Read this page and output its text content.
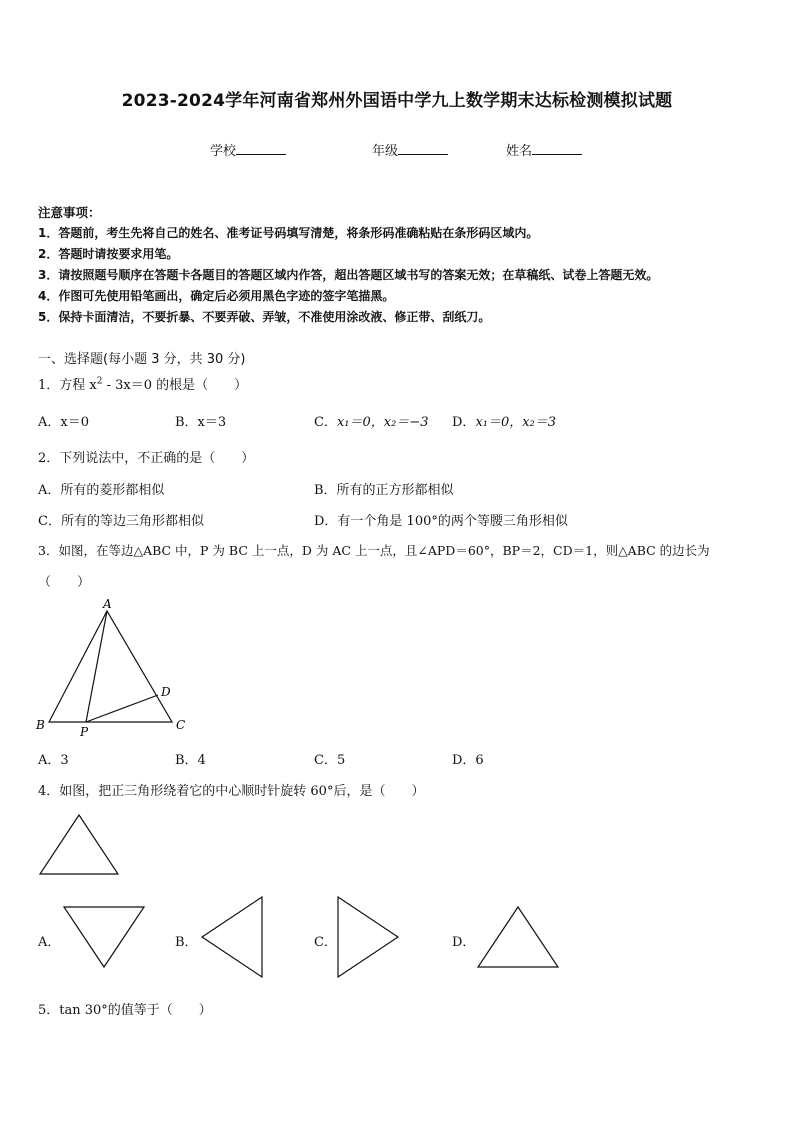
2023-2024学年河南省郑州外国语中学九上数学期末达标检测模拟试题
学校	年级	姓名
注意事项：
1．答题前，考生先将自己的姓名、准考证号码填写清楚，将条形码准确粘贴在条形码区域内。
2．答题时请按要求用笔。
3．请按照题号顺序在答题卡各题目的答题区域内作答，超出答题区域书写的答案无效；在草稿纸、试卷上答题无效。
4．作图可先使用铅笔画出，确定后必须用黑色字迹的签字笔描黑。
5．保持卡面清洁，不要折暴、不要弄破、弄皱，不准使用涂改液、修正带、刮纸刀。
一、选择题(每小题 3 分，共 30 分)
1．方程 $x^2 - 3x=0$ 的根是（　　）
A．x＝0	B．x＝3	C．x₁＝0，x₂＝−3 D．x₁＝0，x₂＝3
2．下列说法中，不正确的是（　　）
A．所有的菱形都相似	B．所有的正方形都相似
C．所有的等边三角形都相似	D．有一个角是 100°的两个等腰三角形相似
3．如图，在等边△ABC 中，P 为 BC 上一点，D 为 AC 上一点，且∠APD＝60°，BP＝2，CD＝1，则△ABC 的边长为
（　　）
A
D
B	C
P
A．3	B．4	C．5	D．6
4．如图，把正三角形绕着它的中心顺时针旋转 60°后，是（　　）
A．	B．	C．	D．
5．tan 30°的值等于（　　）
